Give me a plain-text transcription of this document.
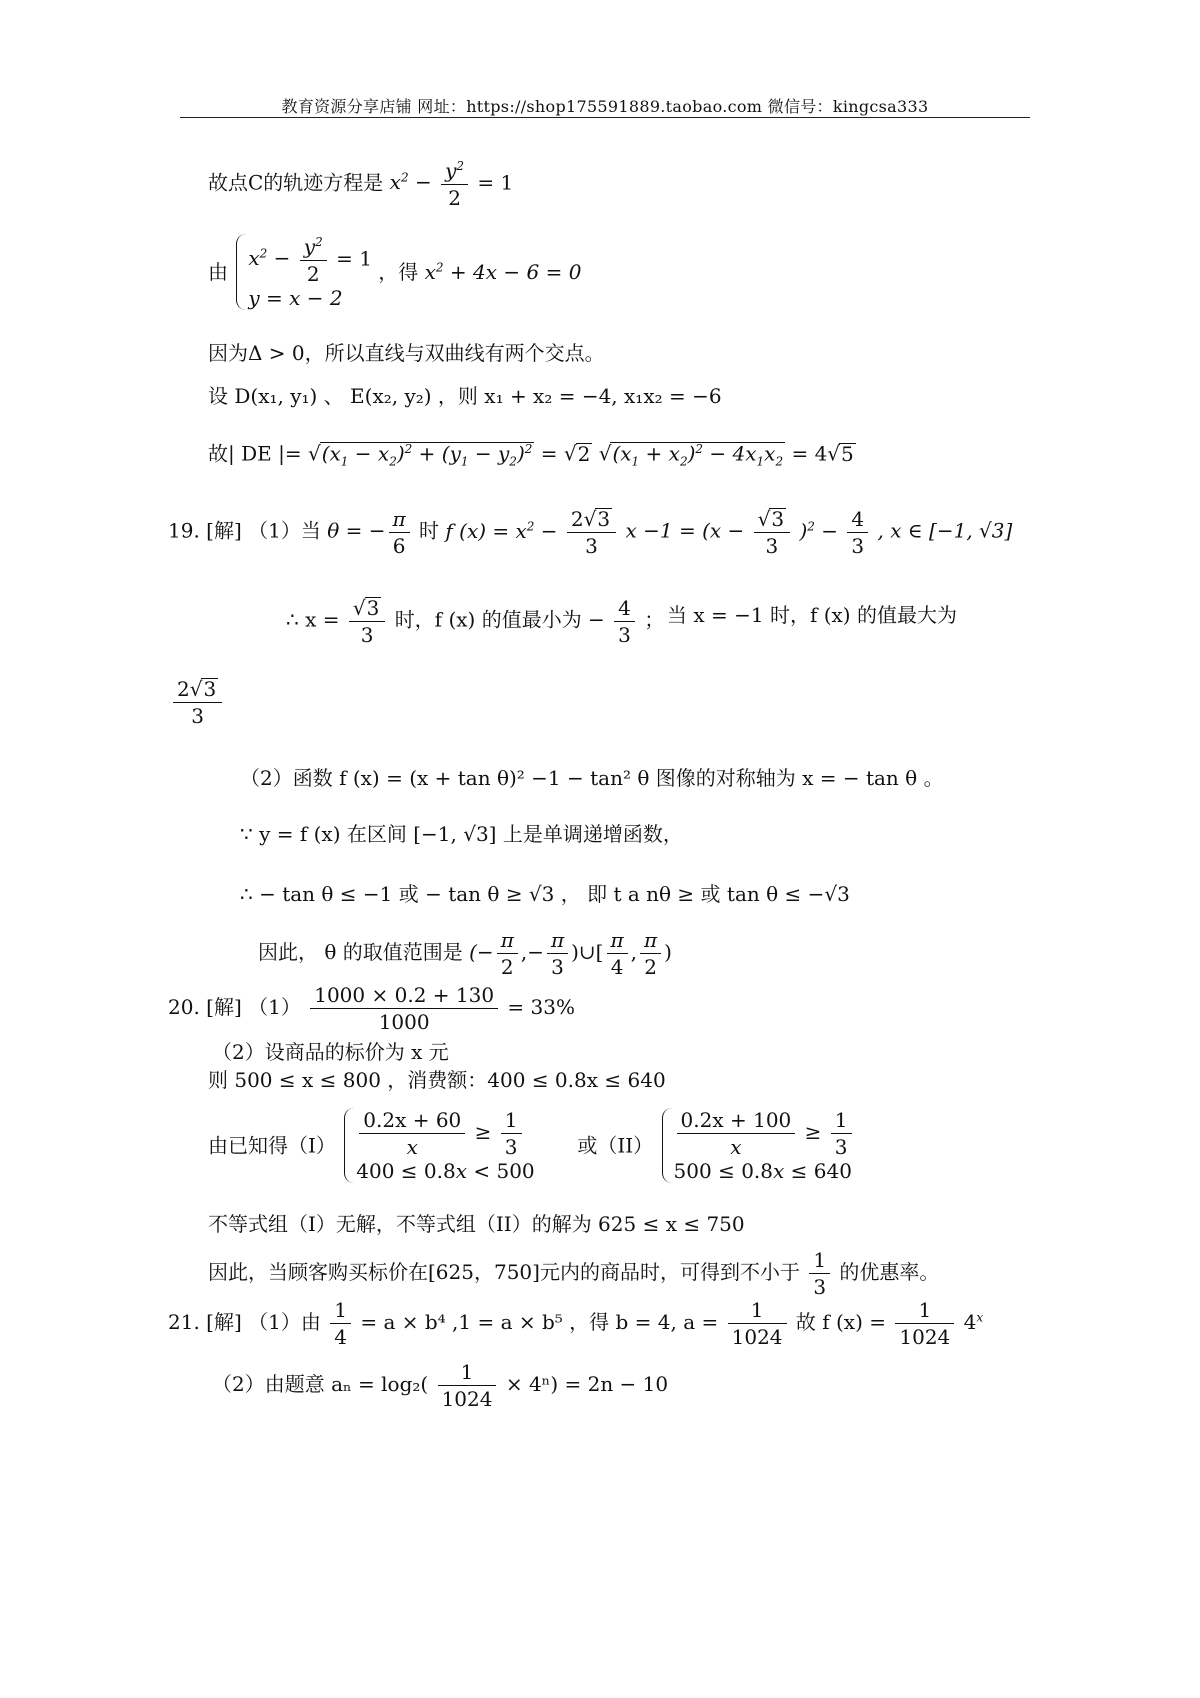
教育资源分享店铺 网址：https://shop175591889.taobao.com 微信号：kingcsa333
故点C的轨迹方程是 $x^2 - \frac{y^2}{2} = 1$
由
$x^2 - \frac{y^2}{2} = 1$
y = x − 2
，得 $x^2 + 4x - 6 = 0$
因为Δ > 0，所以直线与双曲线有两个交点。
设 D(x₁, y₁) 、 E(x₂, y₂) ，则 x₁ + x₂ = −4, x₁x₂ = −6
故| DE |= $√(x_1 - x_2)^2 + (y_1 - y_2)^2 = √2$ $√(x_1 + x_2)^2 - 4x_1x_2 = 4√5$
19. [解] （1）当 θ = − $\frac{\pi}{6}$ 时 f $(x) = x^2 - \frac{2√3}{3}$ $x -1 = (x - \frac{√3}{3} )^2 - \frac{4}{3}$ , x ∈ [−1, √3]
∴ $x = \frac{√3}{3}$ 时，f (x) 的值最小为 − $\frac{4}{3}$ ； 当 x = −1 时，f (x) 的值最大为
$\frac{2√3}{3}$
（2）函数 f (x) = (x + tan θ)² −1 − tan² θ 图像的对称轴为 x = − tan θ 。
∵ y = f (x) 在区间 [−1, √3] 上是单调递增函数，
∴ − tan θ ≤ −1 或 − tan θ ≥ √3 ， 即 t a nθ ≥ 或 tan θ ≤ −√3
因此， θ 的取值范围是 (− $\frac{\pi}{2}$ ,− $\frac{\pi}{3}$ )∪[ $\frac{\pi}{4}$ , $\frac{\pi}{2}$ )
20. [解] $(1) \frac{1000 \times 0.2 + 130}{1000} = 33\%$
（2）设商品的标价为 x 元
则 500 ≤ x ≤ 800 ，消费额：400 ≤ 0.8x ≤ 640
由已知得$(I) \frac{0.2x + 60}{x} \ge \frac{1}{3}$
400 ≤ 0.8x < 500
或$(II) \frac{0.2x + 100}{x} \ge \frac{1}{3}$
500 ≤ 0.8x ≤ 640
不等式组（I）无解，不等式组（II）的解为 625 ≤ x ≤ 750
因此，当顾客购买标价在[625，750]元内的商品时，可得到不小于 $\frac{1}{3}$ 的优惠率。
21. [解] （1）由 $\frac{1}{4} = a \times b^4$ ,1 = a × b⁵ ，得 b = 4, $a = \frac{1}{1024}$ 故 f $(x) = \frac{1}{1024} 4^x$
（2）由题意 $a_n = \log_2( \frac{1}{1024} \times 4^n) = 2n - 10$
